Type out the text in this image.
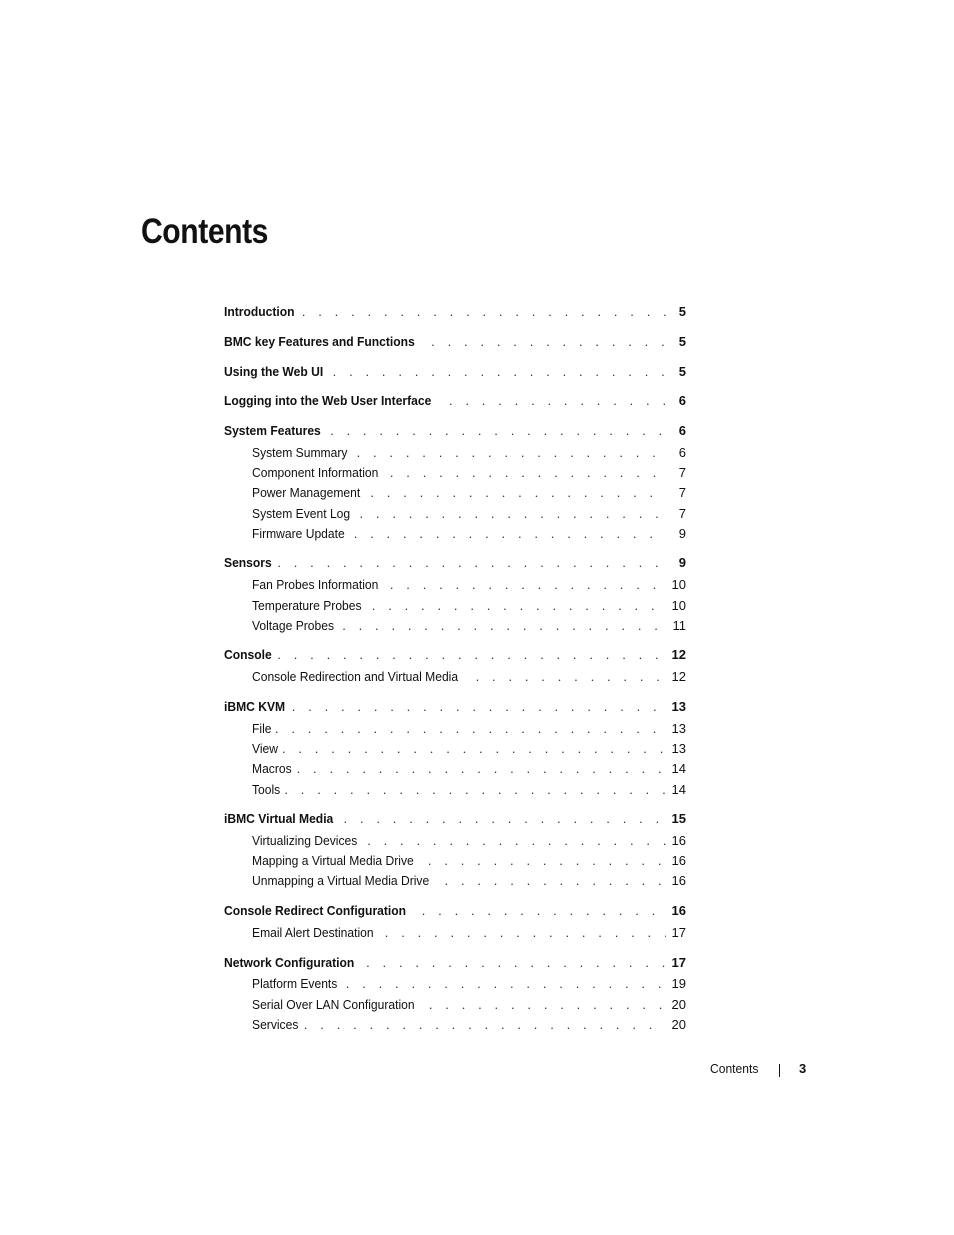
Contents
Introduction . . .	5
BMC key Features and Functions . . .	5
Using the Web UI . . .	5
Logging into the Web User Interface . . .	6
System Features . . .	6
System Summary . . .	6
Component Information . . .	7
Power Management . . .	7
System Event Log . . .	7
Firmware Update . . .	9
Sensors . . .	9
Fan Probes Information . . .	10
Temperature Probes . . .	10
Voltage Probes . . .	11
Console . . .	12
Console Redirection and Virtual Media . . .	12
iBMC KVM . . .	13
File . . .	13
View . . .	13
Macros . . .	14
Tools . . .	14
iBMC Virtual Media . . .	15
Virtualizing Devices . . .	16
Mapping a Virtual Media Drive . . .	16
Unmapping a Virtual Media Drive . . .	16
Console Redirect Configuration . . .	16
Email Alert Destination . . .	17
Network Configuration . . .	17
Platform Events . . .	19
Serial Over LAN Configuration . . .	20
Services . . .	20
Contents	3
